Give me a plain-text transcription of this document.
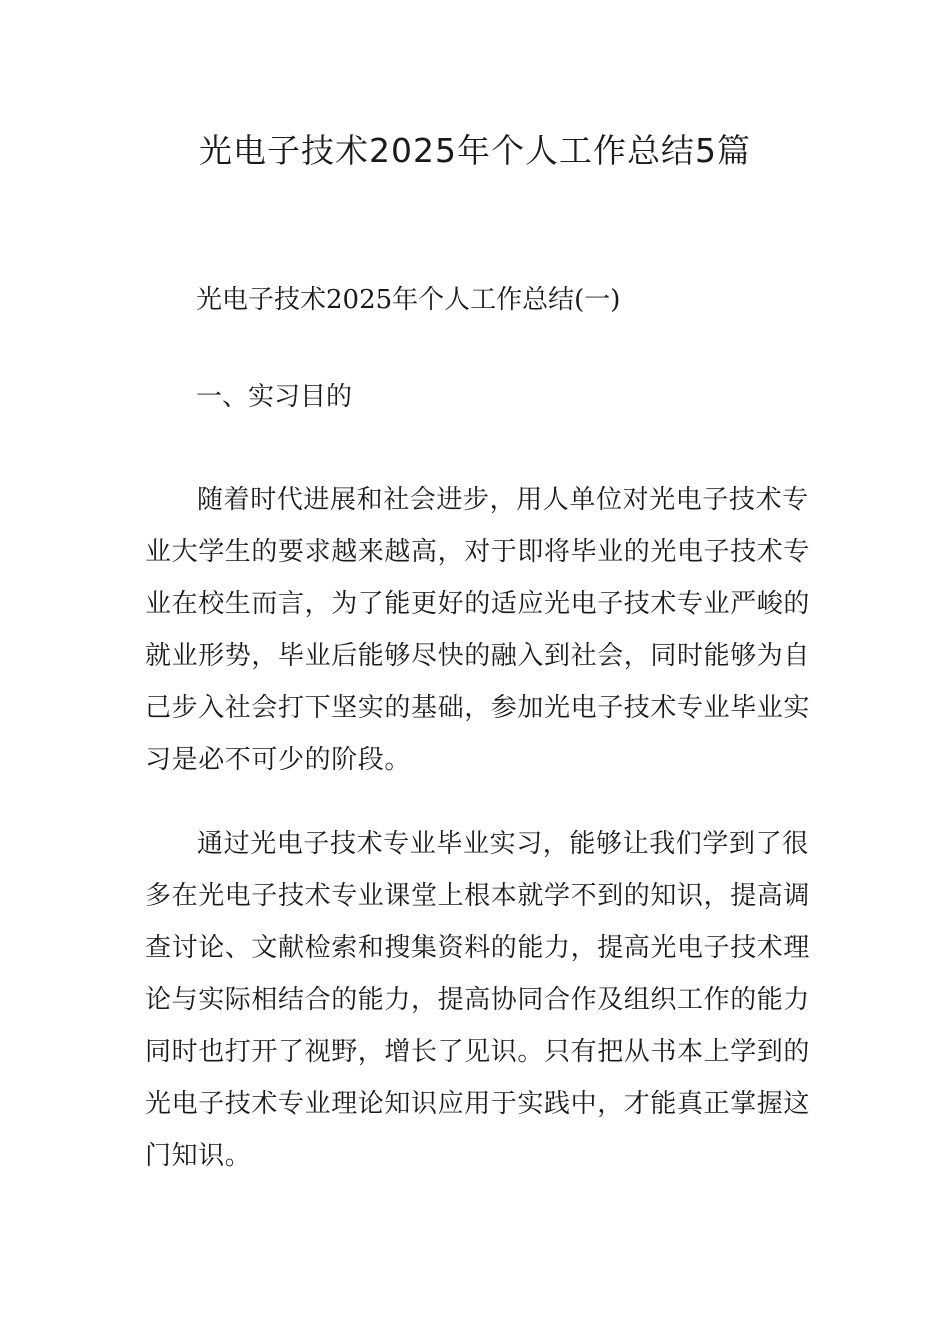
光电子技术2025年个人工作总结5篇

光电子技术2025年个人工作总结(一)

一、实习目的

随着时代进展和社会进步，用人单位对光电子技术专
业大学生的要求越来越高，对于即将毕业的光电子技术专
业在校生而言，为了能更好的适应光电子技术专业严峻的
就业形势，毕业后能够尽快的融入到社会，同时能够为自
己步入社会打下坚实的基础，参加光电子技术专业毕业实
习是必不可少的阶段。
通过光电子技术专业毕业实习，能够让我们学到了很
多在光电子技术专业课堂上根本就学不到的知识，提高调
查讨论、文献检索和搜集资料的能力，提高光电子技术理
论与实际相结合的能力，提高协同合作及组织工作的能力
同时也打开了视野，增长了见识。只有把从书本上学到的
光电子技术专业理论知识应用于实践中，才能真正掌握这
门知识。
